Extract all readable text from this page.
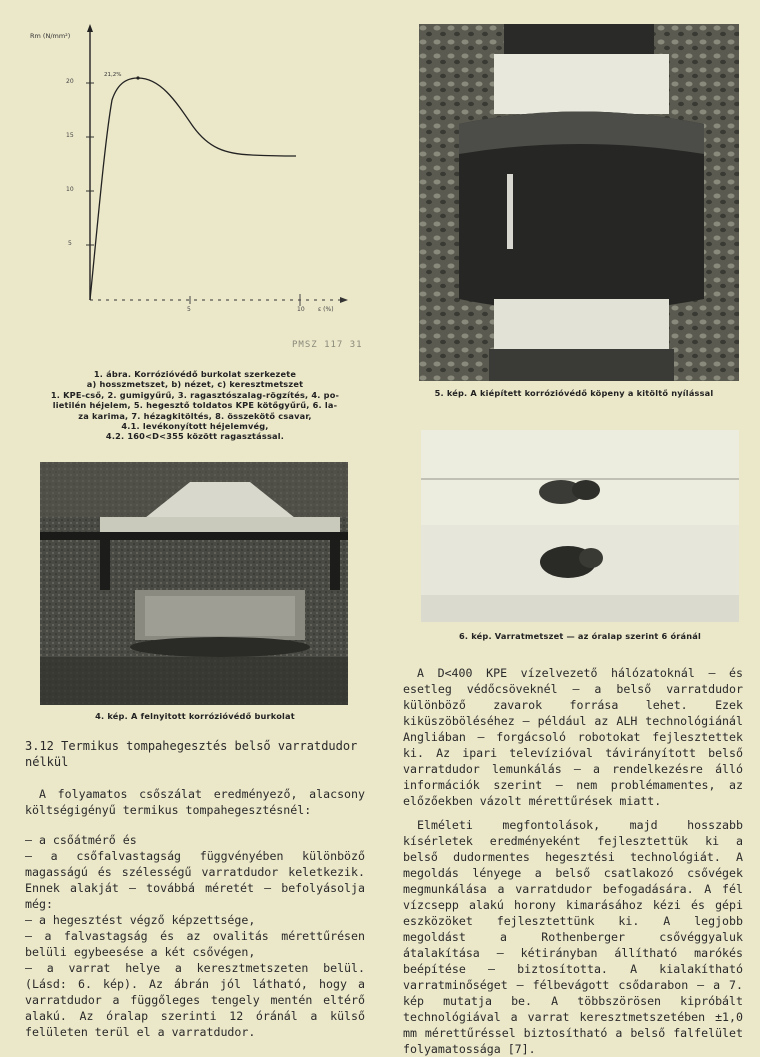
Rm (N/mm²)
20
15
10
5
21,2%
5	10 ε (%)
PMSZ 117 31
1. ábra. Korrózióvédő burkolat szerkezete
a) hosszmetszet, b) nézet, c) keresztmetszet
1. KPE-cső, 2. gumigyűrű, 3. ragasztószalag-rögzítés, 4. po-
lietilén héjelem, 5. hegesztő toldatos KPE kötőgyűrű, 6. la-
za karima, 7. hézagkitöltés, 8. összekötő csavar,
4.1. levékonyított héjelemvég,
4.2. 160<D<355 között ragasztással.
4. kép. A felnyitott korrózióvédő burkolat
5. kép. A kiépített korrózióvédő köpeny a kitöltő nyílással
6. kép. Varratmetszet — az óralap szerint 6 óránál
3.12 Termikus tompahegesztés belső varratdudor nélkül

A folyamatos csőszálat eredményező, alacsony költségigényű termikus tompahegesztésnél:

— a csőátmérő és

— a csőfalvastagság függvényében különböző magasságú és szélességű varratdudor keletkezik. Ennek alakját — továbbá méretét — befolyásolja még:

— a hegesztést végző képzettsége,

— a falvastagság és az ovalitás mérettűrésen belüli egybeesése a két csővégen,

— a varrat helye a keresztmetszeten belül. (Lásd: 6. kép). Az ábrán jól látható, hogy a varratdudor a függőleges tengely mentén eltérő alakú. Az óralap szerinti 12 óránál a külső felületen terül el a varratdudor.

A D<400 KPE vízelvezető hálózatoknál — és esetleg védőcsöveknél — a belső varratdudor különböző zavarok forrása lehet. Ezek kiküszöböléséhez — például az ALH technológiánál Angliában — forgácsoló robotokat fejlesztettek ki. Az ipari televízióval távirányított belső varratdudor lemunkálás — a rendelkezésre álló információk szerint — nem problémamentes, az előzőekben vázolt mérettűrések miatt.

Elméleti megfontolások, majd hosszabb kísérletek eredményeként fejlesztettük ki a belső dudormentes hegesztési technológiát. A megoldás lényege a belső csatlakozó csővégek megmunkálása a varratdudor befogadására. A fél vízcsepp alakú horony kimarásához kézi és gépi eszközöket fejlesztettünk ki. A legjobb megoldást a Rothenberger csővéggyaluk átalakítása — kétirányban állítható marókés beépítése — biztosította. A kialakítható varratminőséget — félbevágott csődarabon — a 7. kép mutatja be. A többszörösen kipróbált technológiával a varrat keresztmetszetében ±1,0 mm mérettűréssel biztosítható a belső falfelület folyamatossága [7].
